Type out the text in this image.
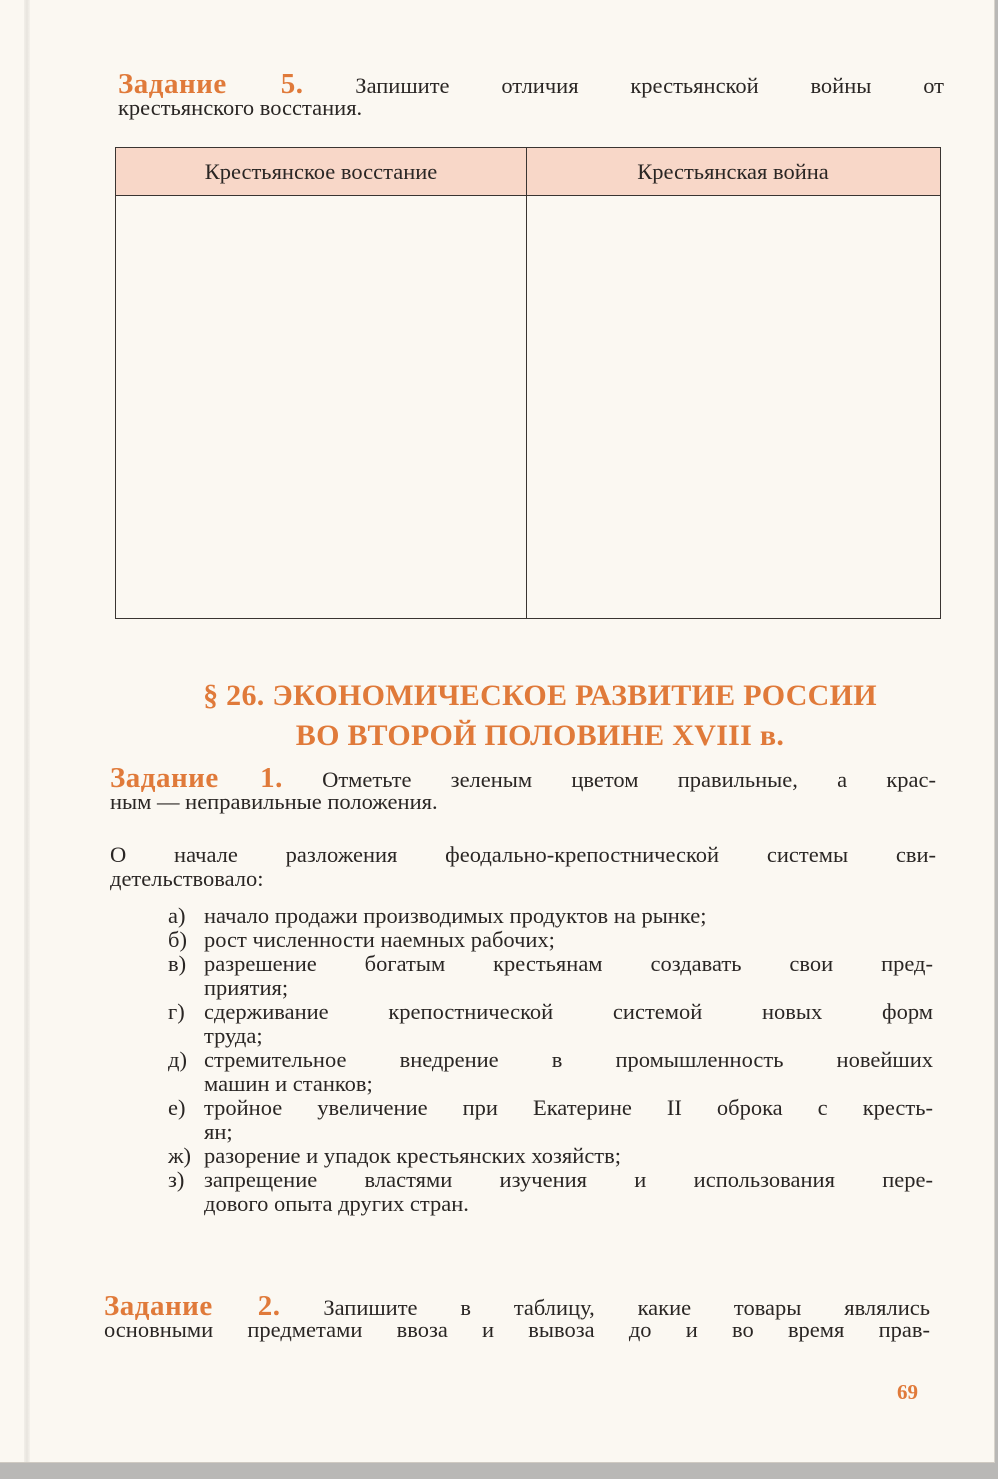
Задание 5. Запишите отличия крестьянской войны от
крестьянского восстания.
Крестьянское восстание	Крестьянская война
§ 26. ЭКОНОМИЧЕСКОЕ РАЗВИТИЕ РОССИИ
ВО ВТОРОЙ ПОЛОВИНЕ XVIII в.
Задание 1. Отметьте зеленым цветом правильные, а крас-
ным — неправильные положения.
О начале разложения феодально-крепостнической системы сви-
детельствовало:
а) начало продажи производимых продуктов на рынке;
б) рост численности наемных рабочих;
в) разрешение богатым крестьянам создавать свои пред-
приятия;
г) сдерживание крепостнической системой новых форм
труда;
д) стремительное внедрение в промышленность новейших
машин и станков;
е) тройное увеличение при Екатерине II оброка с кресть-
ян;
ж) разорение и упадок крестьянских хозяйств;
з) запрещение властями изучения и использования пере-
дового опыта других стран.
Задание 2. Запишите в таблицу, какие товары являлись
основными предметами ввоза и вывоза до и во время прав-
69
